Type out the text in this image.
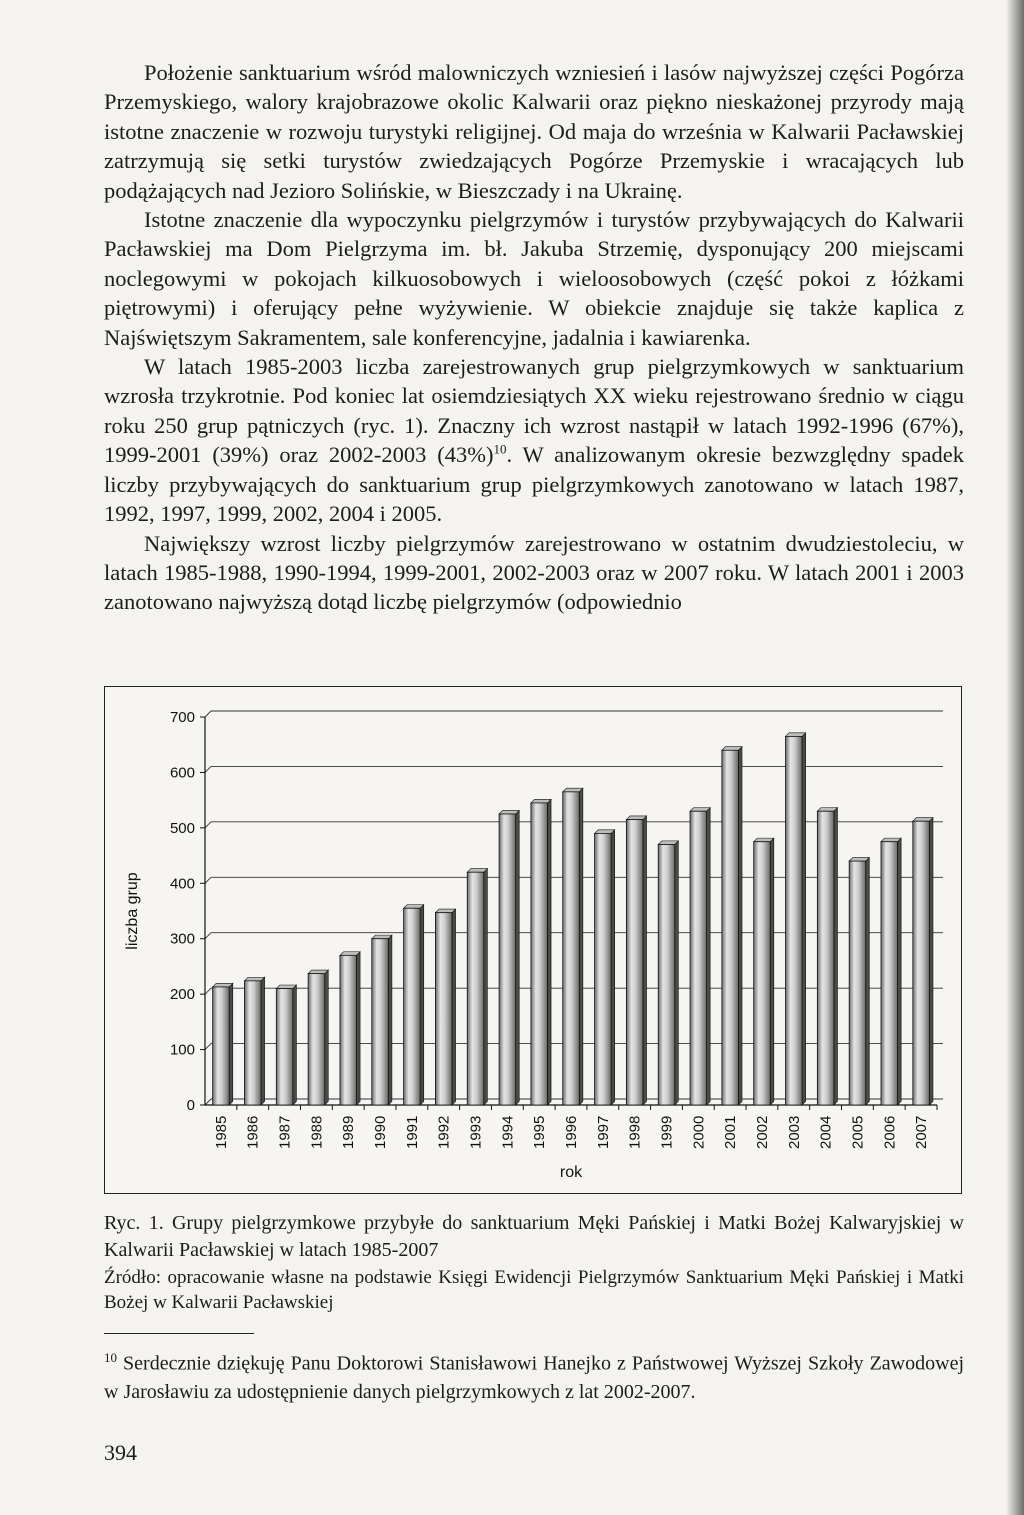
Położenie sanktuarium wśród malowniczych wzniesień i lasów najwyższej części Pogórza Przemyskiego, walory krajobrazowe okolic Kalwarii oraz piękno nieskażonej przyrody mają istotne znaczenie w rozwoju turystyki religijnej. Od maja do września w Kalwarii Pacławskiej zatrzymują się setki turystów zwiedzających Pogórze Przemyskie i wracających lub podążających nad Jezioro Solińskie, w Bieszczady i na Ukrainę.

Istotne znaczenie dla wypoczynku pielgrzymów i turystów przybywających do Kalwarii Pacławskiej ma Dom Pielgrzyma im. bł. Jakuba Strzemię, dysponujący 200 miejscami noclegowymi w pokojach kilkuosobowych i wieloosobowych (część pokoi z łóżkami piętrowymi) i oferujący pełne wyżywienie. W obiekcie znajduje się także kaplica z Najświętszym Sakramentem, sale konferencyjne, jadalnia i kawiarenka.

W latach 1985-2003 liczba zarejestrowanych grup pielgrzymkowych w sanktuarium wzrosła trzykrotnie. Pod koniec lat osiemdziesiątych XX wieku rejestrowano średnio w ciągu roku 250 grup pątniczych (ryc. 1). Znaczny ich wzrost nastąpił w latach 1992-1996 (67%), 1999-2001 (39%) oraz 2002-2003 $(43\%)^{10}$. W analizowanym okresie bezwzględny spadek liczby przybywających do sanktuarium grup pielgrzymkowych zanotowano w latach 1987, 1992, 1997, 1999, 2002, 2004 i 2005.

Największy wzrost liczby pielgrzymów zarejestrowano w ostatnim dwudziestoleciu, w latach 1985-1988, 1990-1994, 1999-2001, 2002-2003 oraz w 2007 roku. W latach 2001 i 2003 zanotowano najwyższą dotąd liczbę pielgrzymów (odpowiednio

0
100
200
300
400
500
600
700
liczba grup
1985 1986 1987 1988 1989 1990 1991 1992 1993 1994 1995 1996 1997 1998 1999 2000 2001 2002 2003 2004 2005 2006 2007
rok
Ryc. 1. Grupy pielgrzymkowe przybyłe do sanktuarium Męki Pańskiej i Matki Bożej Kalwaryjskiej w Kalwarii Pacławskiej w latach 1985-2007
Źródło: opracowanie własne na podstawie Księgi Ewidencji Pielgrzymów Sanktuarium Męki Pańskiej i Matki Bożej w Kalwarii Pacławskiej
$^{10}$ Serdecznie dziękuję Panu Doktorowi Stanisławowi Hanejko z Państwowej Wyższej Szkoły Zawodowej w Jarosławiu za udostępnienie danych pielgrzymkowych z lat 2002-2007.
394
